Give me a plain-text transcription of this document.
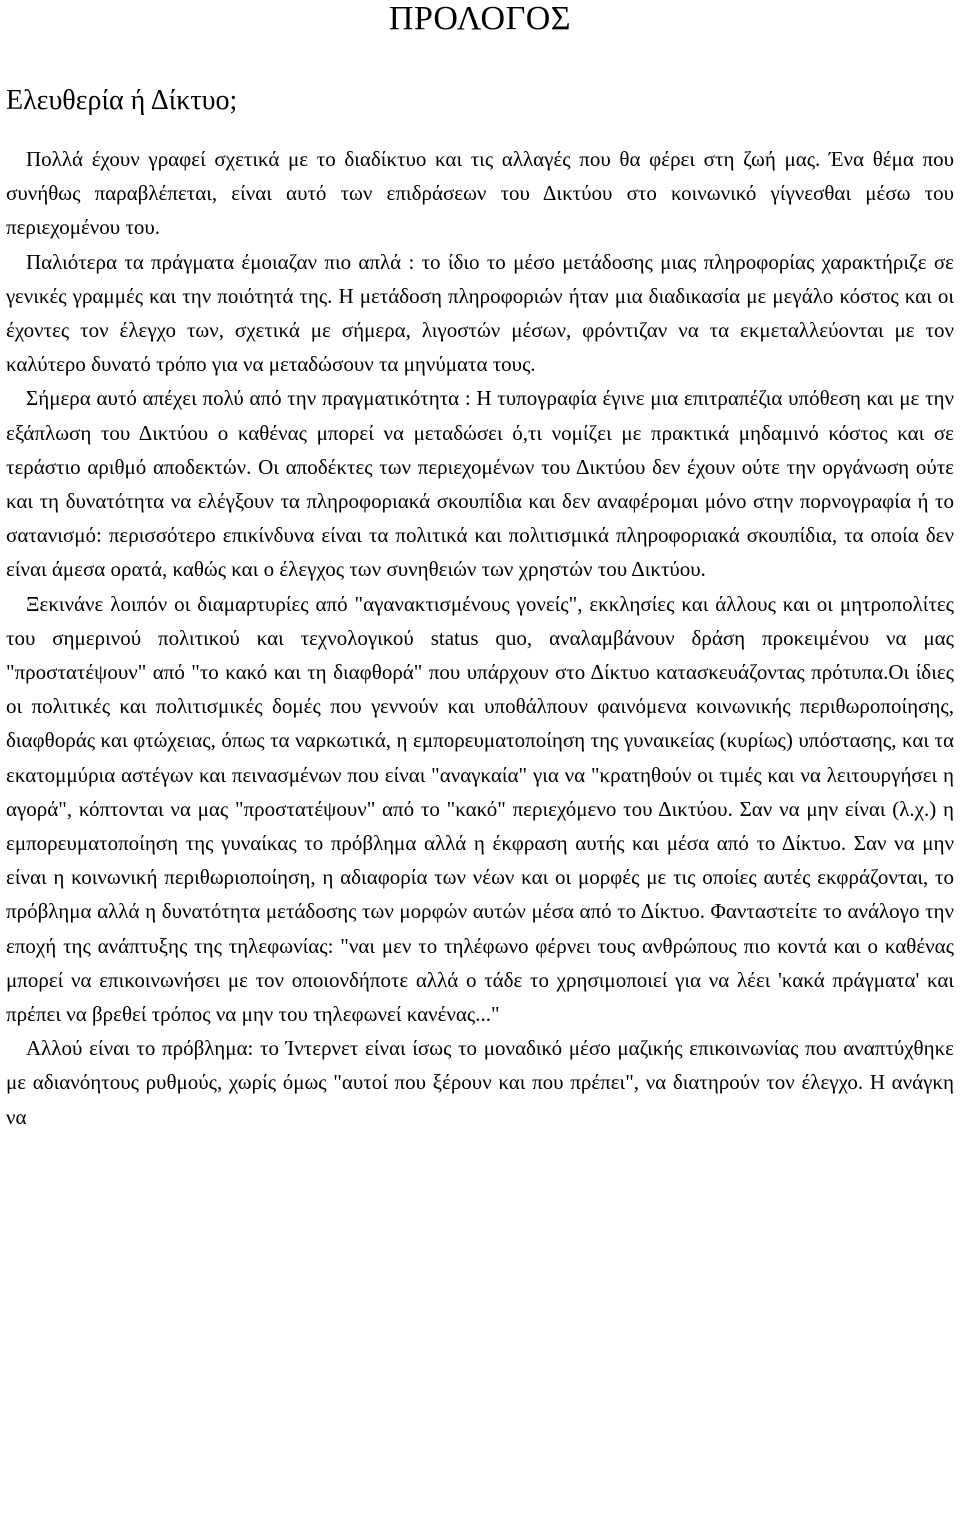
ΠΡΟΛΟΓΟΣ
Ελευθερία ή Δίκτυο;

Πολλά έχουν γραφεί σχετικά με το διαδίκτυο και τις αλλαγές που θα φέρει στη ζωή μας. Ένα θέμα που συνήθως παραβλέπεται, είναι αυτό των επιδράσεων του Δικτύου στο κοινωνικό γίγνεσθαι μέσω του περιεχομένου του.

Παλιότερα τα πράγματα έμοιαζαν πιο απλά : το ίδιο το μέσο μετάδοσης μιας πληροφορίας χαρακτήριζε σε γενικές γραμμές και την ποιότητά της. Η μετάδοση πληροφοριών ήταν μια διαδικασία με μεγάλο κόστος και οι έχοντες τον έλεγχο των, σχετικά με σήμερα, λιγοστών μέσων, φρόντιζαν να τα εκμεταλλεύονται με τον καλύτερο δυνατό τρόπο για να μεταδώσουν τα μηνύματα τους.

Σήμερα αυτό απέχει πολύ από την πραγματικότητα : Η τυπογραφία έγινε μια επιτραπέζια υπόθεση και με την εξάπλωση του Δικτύου ο καθένας μπορεί να μεταδώσει ό,τι νομίζει με πρακτικά μηδαμινό κόστος και σε τεράστιο αριθμό αποδεκτών. Οι αποδέκτες των περιεχομένων του Δικτύου δεν έχουν ούτε την οργάνωση ούτε και τη δυνατότητα να ελέγξουν τα πληροφοριακά σκουπίδια και δεν αναφέρομαι μόνο στην πορνογραφία ή το σατανισμό: περισσότερο επικίνδυνα είναι τα πολιτικά και πολιτισμικά πληροφοριακά σκουπίδια, τα οποία δεν είναι άμεσα ορατά, καθώς και ο έλεγχος των συνηθειών των χρηστών του Δικτύου.

Ξεκινάνε λοιπόν οι διαμαρτυρίες από "αγανακτισμένους γονείς", εκκλησίες και άλλους και οι μητροπολίτες του σημερινού πολιτικού και τεχνολογικού status quo, αναλαμβάνουν δράση προκειμένου να μας "προστατέψουν" από "το κακό και τη διαφθορά" που υπάρχουν στο Δίκτυο κατασκευάζοντας πρότυπα.Οι ίδιες οι πολιτικές και πολιτισμικές δομές που γεννούν και υποθάλπουν φαινόμενα κοινωνικής περιθωροποίησης, διαφθοράς και φτώχειας, όπως τα ναρκωτικά, η εμπορευματοποίηση της γυναικείας (κυρίως) υπόστασης, και τα εκατομμύρια αστέγων και πεινασμένων που είναι "αναγκαία" για να "κρατηθούν οι τιμές και να λειτουργήσει η αγορά", κόπτονται να μας "προστατέψουν" από το "κακό" περιεχόμενο του Δικτύου. Σαν να μην είναι (λ.χ.) η εμπορευματοποίηση της γυναίκας το πρόβλημα αλλά η έκφραση αυτής και μέσα από το Δίκτυο. Σαν να μην είναι η κοινωνική περιθωριοποίηση, η αδιαφορία των νέων και οι μορφές με τις οποίες αυτές εκφράζονται, το πρόβλημα αλλά η δυνατότητα μετάδοσης των μορφών αυτών μέσα από το Δίκτυο. Φανταστείτε το ανάλογο την εποχή της ανάπτυξης της τηλεφωνίας: "ναι μεν το τηλέφωνο φέρνει τους ανθρώπους πιο κοντά και ο καθένας μπορεί να επικοινωνήσει με τον οποιονδήποτε αλλά ο τάδε το χρησιμοποιεί για να λέει 'κακά πράγματα' και πρέπει να βρεθεί τρόπος να μην του τηλεφωνεί κανένας..."

Αλλού είναι το πρόβλημα: το Ίντερνετ είναι ίσως το μοναδικό μέσο μαζικής επικοινωνίας που αναπτύχθηκε με αδιανόητους ρυθμούς, χωρίς όμως "αυτοί που ξέρουν και που πρέπει", να διατηρούν τον έλεγχο. Η ανάγκη να
